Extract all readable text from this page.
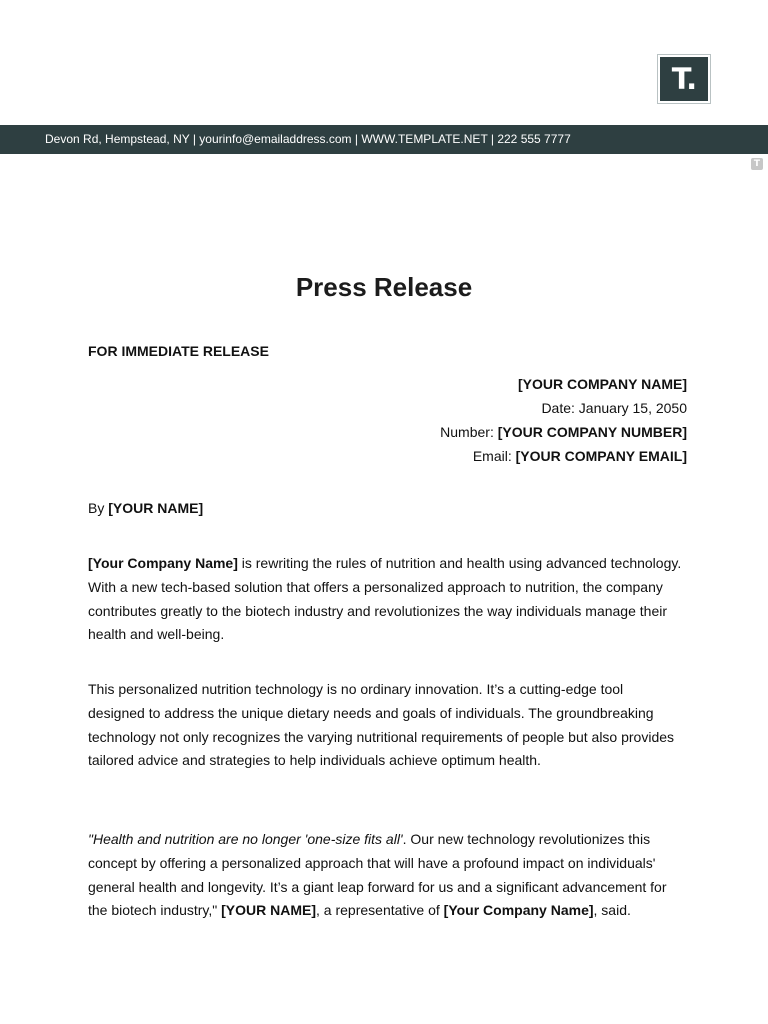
T.
Devon Rd, Hempstead, NY | yourinfo@emailaddress.com | WWW.TEMPLATE.NET | 222 555 7777
T
Press Release
FOR IMMEDIATE RELEASE
[YOUR COMPANY NAME]
Date: January 15, 2050
Number: [YOUR COMPANY NUMBER]
Email: [YOUR COMPANY EMAIL]
By [YOUR NAME]
[Your Company Name] is rewriting the rules of nutrition and health using advanced technology. With a new tech-based solution that offers a personalized approach to nutrition, the company contributes greatly to the biotech industry and revolutionizes the way individuals manage their health and well-being.
This personalized nutrition technology is no ordinary innovation. It’s a cutting-edge tool designed to address the unique dietary needs and goals of individuals. The groundbreaking technology not only recognizes the varying nutritional requirements of people but also provides tailored advice and strategies to help individuals achieve optimum health.
"Health and nutrition are no longer 'one-size fits all'. Our new technology revolutionizes this concept by offering a personalized approach that will have a profound impact on individuals' general health and longevity. It’s a giant leap forward for us and a significant advancement for the biotech industry," [YOUR NAME], a representative of [Your Company Name], said.
